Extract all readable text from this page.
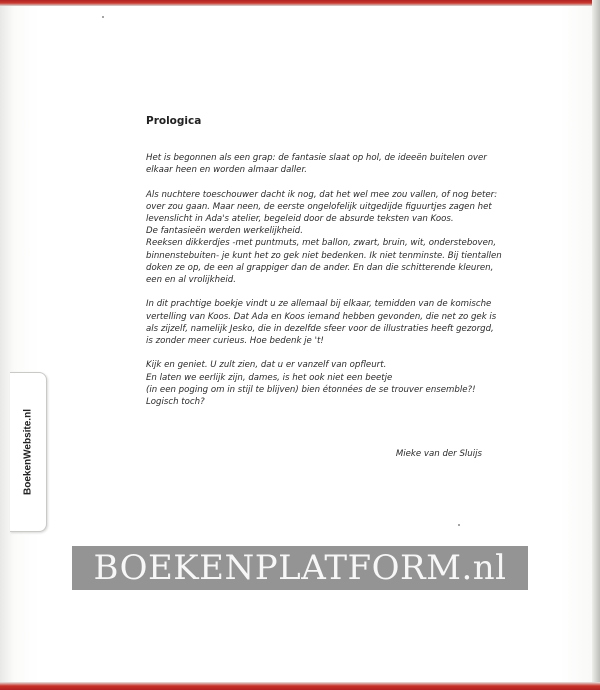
Prologica
Het is begonnen als een grap: de fantasie slaat op hol, de ideeën buitelen over
elkaar heen en worden almaar daller.
Als nuchtere toeschouwer dacht ik nog, dat het wel mee zou vallen, of nog beter:
over zou gaan. Maar neen, de eerste ongelofelijk uitgedijde figuurtjes zagen het
levenslicht in Ada's atelier, begeleid door de absurde teksten van Koos.
De fantasieën werden werkelijkheid.
Reeksen dikkerdjes -met puntmuts, met ballon, zwart, bruin, wit, ondersteboven,
binnenstebuiten- je kunt het zo gek niet bedenken. Ik niet tenminste. Bij tientallen
doken ze op, de een al grappiger dan de ander. En dan die schitterende kleuren,
een en al vrolijkheid.
In dit prachtige boekje vindt u ze allemaal bij elkaar, temidden van de komische
vertelling van Koos. Dat Ada en Koos iemand hebben gevonden, die net zo gek is
als zijzelf, namelijk Jesko, die in dezelfde sfeer voor de illustraties heeft gezorgd,
is zonder meer curieus. Hoe bedenk je 't!
Kijk en geniet. U zult zien, dat u er vanzelf van opfleurt.
En laten we eerlijk zijn, dames, is het ook niet een beetje
(in een poging om in stijl te blijven) bien étonnées de se trouver ensemble?!
Logisch toch?
Mieke van der Sluijs
BoekenWebsite.nl
BOEKENPLATFORM.nl
